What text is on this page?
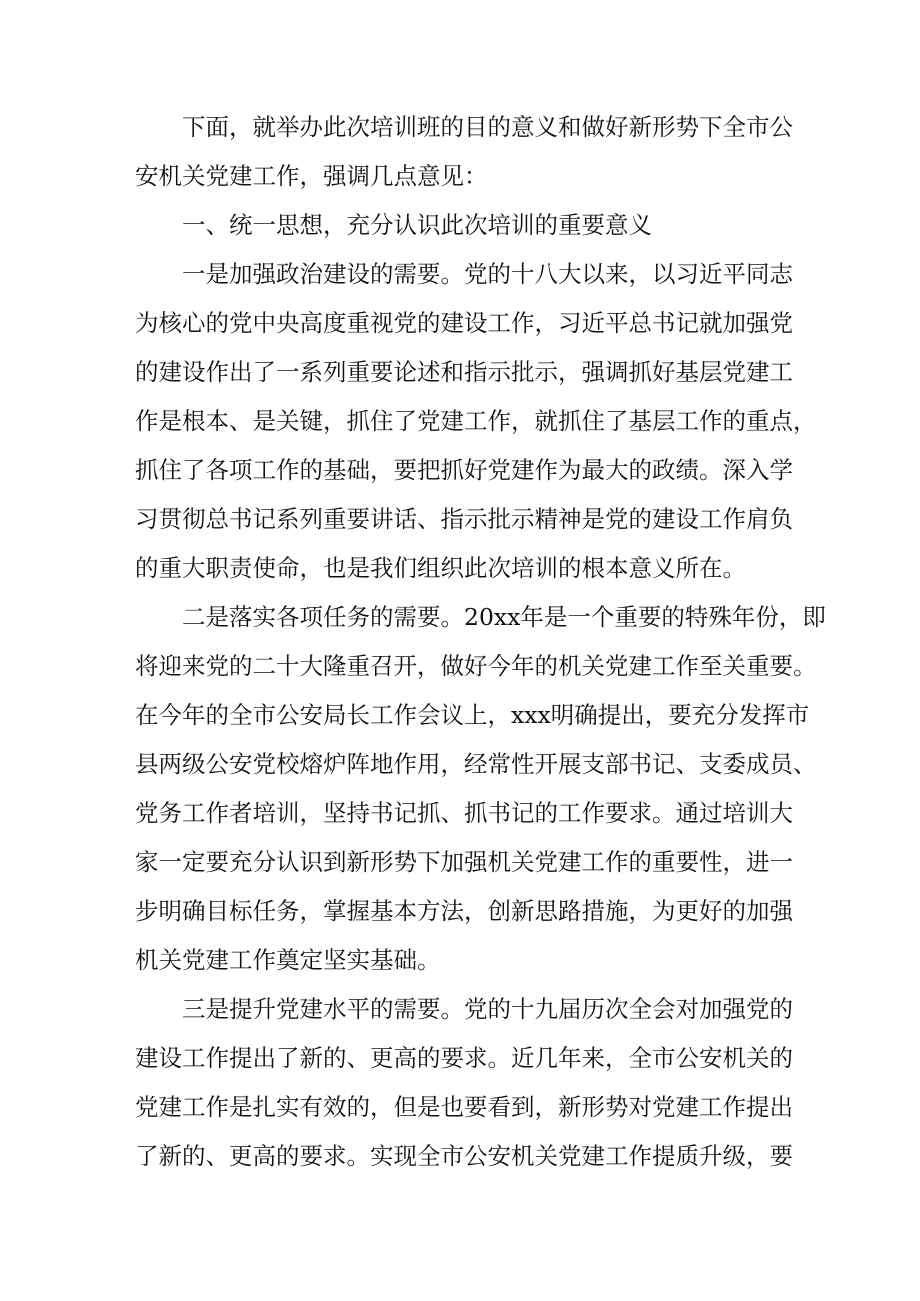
下面，就举办此次培训班的目的意义和做好新形势下全市公
安机关党建工作，强调几点意见：
一、统一思想，充分认识此次培训的重要意义
一是加强政治建设的需要。党的十八大以来，以习近平同志
为核心的党中央高度重视党的建设工作，习近平总书记就加强党
的建设作出了一系列重要论述和指示批示，强调抓好基层党建工
作是根本、是关键，抓住了党建工作，就抓住了基层工作的重点，
抓住了各项工作的基础，要把抓好党建作为最大的政绩。深入学
习贯彻总书记系列重要讲话、指示批示精神是党的建设工作肩负
的重大职责使命，也是我们组织此次培训的根本意义所在。
二是落实各项任务的需要。20xx年是一个重要的特殊年份，即
将迎来党的二十大隆重召开，做好今年的机关党建工作至关重要。
在今年的全市公安局长工作会议上，xxx明确提出，要充分发挥市
县两级公安党校熔炉阵地作用，经常性开展支部书记、支委成员、
党务工作者培训，坚持书记抓、抓书记的工作要求。通过培训大
家一定要充分认识到新形势下加强机关党建工作的重要性，进一
步明确目标任务，掌握基本方法，创新思路措施，为更好的加强
机关党建工作奠定坚实基础。
三是提升党建水平的需要。党的十九届历次全会对加强党的
建设工作提出了新的、更高的要求。近几年来，全市公安机关的
党建工作是扎实有效的，但是也要看到，新形势对党建工作提出
了新的、更高的要求。实现全市公安机关党建工作提质升级，要
